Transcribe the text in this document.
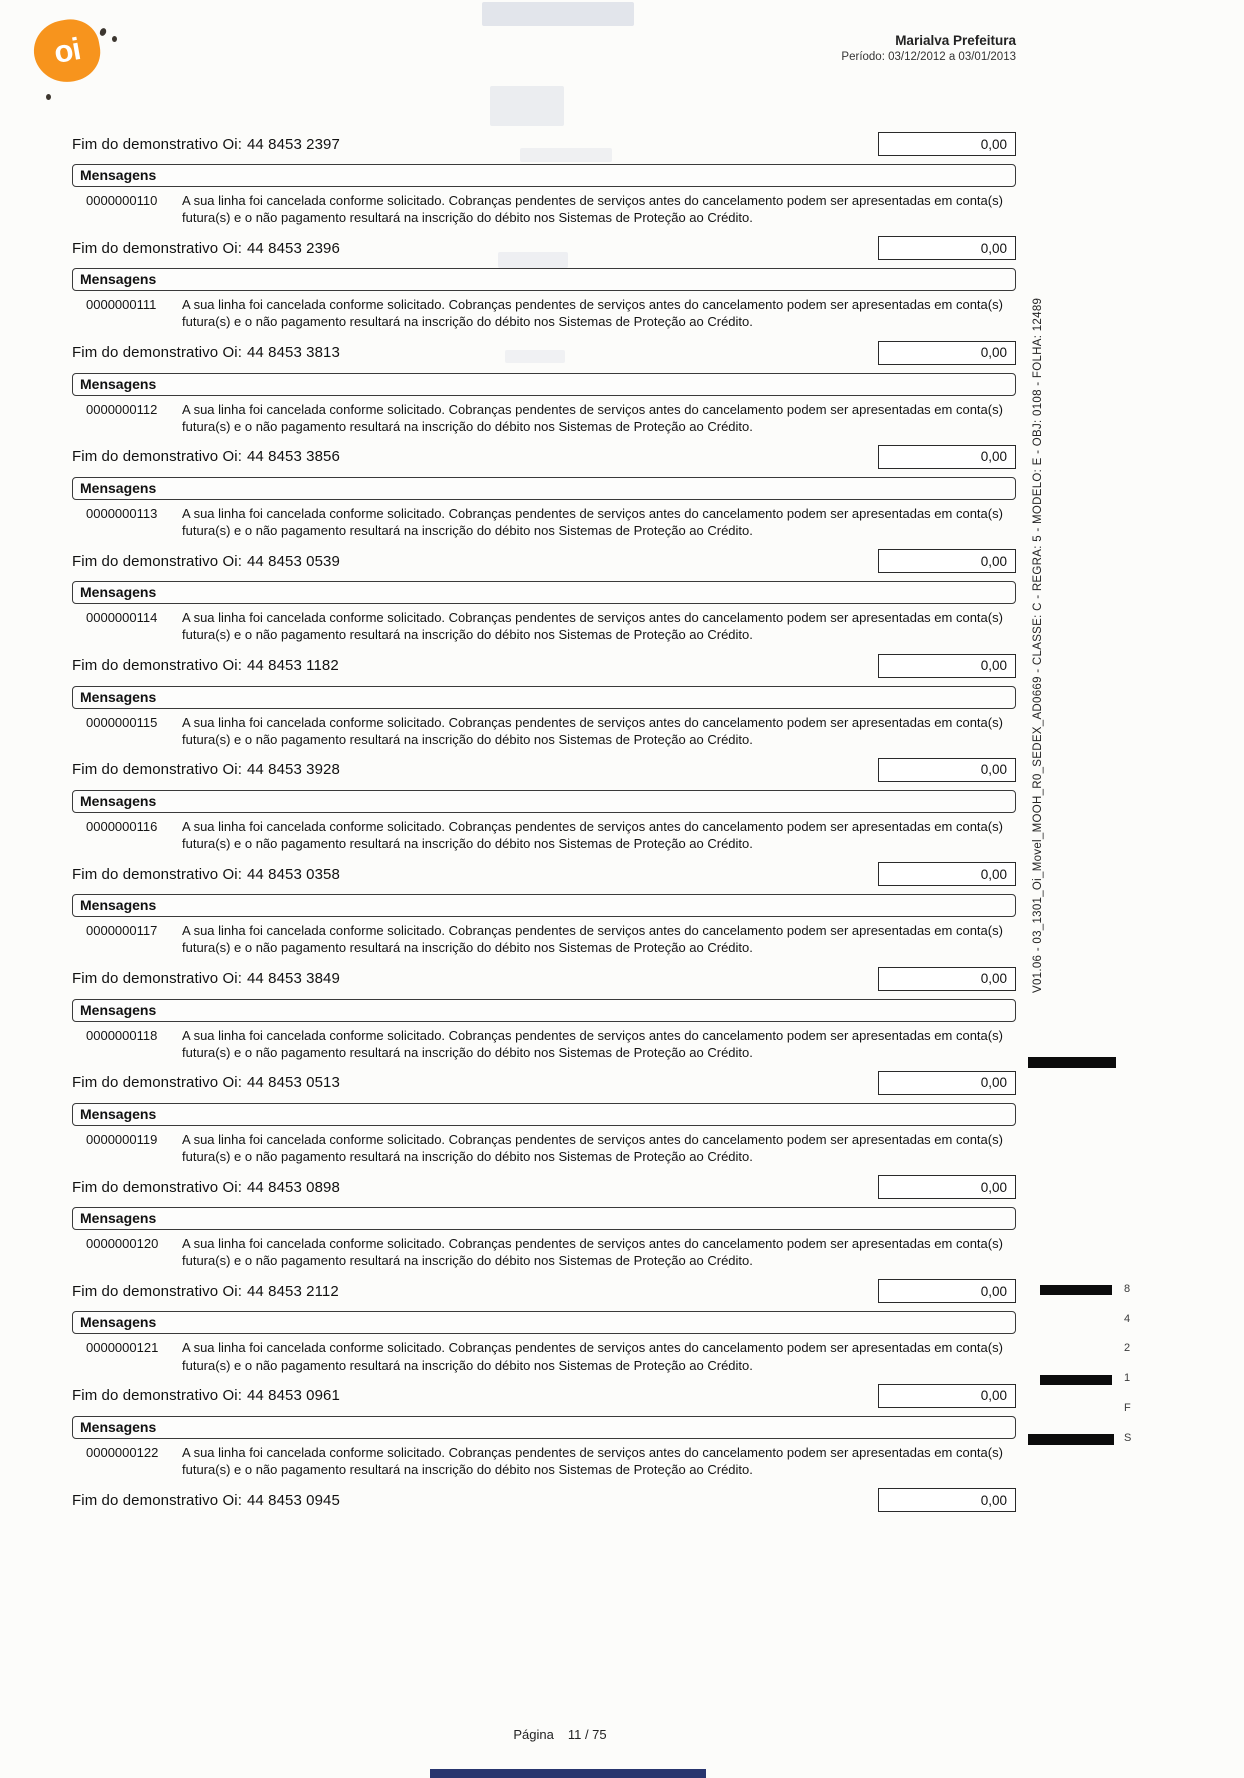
oi	Marialva Prefeitura
Período: 03/12/2012 a 03/01/2013
Fim do demonstrativo Oi: 44 8453 2397	0,00
Mensagens
0000000110	A sua linha foi cancelada conforme solicitado. Cobranças pendentes de serviços antes do cancelamento podem ser apresentadas em conta(s) futura(s) e o não pagamento resultará na inscrição do débito nos Sistemas de Proteção ao Crédito.
Fim do demonstrativo Oi: 44 8453 2396	0,00
Mensagens
0000000111	A sua linha foi cancelada conforme solicitado. Cobranças pendentes de serviços antes do cancelamento podem ser apresentadas em conta(s) futura(s) e o não pagamento resultará na inscrição do débito nos Sistemas de Proteção ao Crédito.
Fim do demonstrativo Oi: 44 8453 3813	0,00
Mensagens
0000000112	A sua linha foi cancelada conforme solicitado. Cobranças pendentes de serviços antes do cancelamento podem ser apresentadas em conta(s) futura(s) e o não pagamento resultará na inscrição do débito nos Sistemas de Proteção ao Crédito.
Fim do demonstrativo Oi: 44 8453 3856	0,00
Mensagens
0000000113	A sua linha foi cancelada conforme solicitado. Cobranças pendentes de serviços antes do cancelamento podem ser apresentadas em conta(s) futura(s) e o não pagamento resultará na inscrição do débito nos Sistemas de Proteção ao Crédito.
Fim do demonstrativo Oi: 44 8453 0539	0,00
Mensagens
0000000114	A sua linha foi cancelada conforme solicitado. Cobranças pendentes de serviços antes do cancelamento podem ser apresentadas em conta(s) futura(s) e o não pagamento resultará na inscrição do débito nos Sistemas de Proteção ao Crédito.
Fim do demonstrativo Oi: 44 8453 1182	0,00
Mensagens
0000000115	A sua linha foi cancelada conforme solicitado. Cobranças pendentes de serviços antes do cancelamento podem ser apresentadas em conta(s) futura(s) e o não pagamento resultará na inscrição do débito nos Sistemas de Proteção ao Crédito.
Fim do demonstrativo Oi: 44 8453 3928	0,00
Mensagens
0000000116	A sua linha foi cancelada conforme solicitado. Cobranças pendentes de serviços antes do cancelamento podem ser apresentadas em conta(s) futura(s) e o não pagamento resultará na inscrição do débito nos Sistemas de Proteção ao Crédito.
Fim do demonstrativo Oi: 44 8453 0358	0,00
Mensagens
0000000117	A sua linha foi cancelada conforme solicitado. Cobranças pendentes de serviços antes do cancelamento podem ser apresentadas em conta(s) futura(s) e o não pagamento resultará na inscrição do débito nos Sistemas de Proteção ao Crédito.
Fim do demonstrativo Oi: 44 8453 3849	0,00
Mensagens
0000000118	A sua linha foi cancelada conforme solicitado. Cobranças pendentes de serviços antes do cancelamento podem ser apresentadas em conta(s) futura(s) e o não pagamento resultará na inscrição do débito nos Sistemas de Proteção ao Crédito.
Fim do demonstrativo Oi: 44 8453 0513	0,00
Mensagens
0000000119	A sua linha foi cancelada conforme solicitado. Cobranças pendentes de serviços antes do cancelamento podem ser apresentadas em conta(s) futura(s) e o não pagamento resultará na inscrição do débito nos Sistemas de Proteção ao Crédito.
Fim do demonstrativo Oi: 44 8453 0898	0,00
Mensagens
0000000120	A sua linha foi cancelada conforme solicitado. Cobranças pendentes de serviços antes do cancelamento podem ser apresentadas em conta(s) futura(s) e o não pagamento resultará na inscrição do débito nos Sistemas de Proteção ao Crédito.
Fim do demonstrativo Oi: 44 8453 2112	0,00
Mensagens
0000000121	A sua linha foi cancelada conforme solicitado. Cobranças pendentes de serviços antes do cancelamento podem ser apresentadas em conta(s) futura(s) e o não pagamento resultará na inscrição do débito nos Sistemas de Proteção ao Crédito.
Fim do demonstrativo Oi: 44 8453 0961	0,00
Mensagens
0000000122	A sua linha foi cancelada conforme solicitado. Cobranças pendentes de serviços antes do cancelamento podem ser apresentadas em conta(s) futura(s) e o não pagamento resultará na inscrição do débito nos Sistemas de Proteção ao Crédito.
Fim do demonstrativo Oi: 44 8453 0945	0,00
V01.06 - 03_1301_Oi_Movel_MOOH_R0_SEDEX_AD0669 - CLASSE: C - REGRA: 5 - MODELO: E - OBJ: 0108 - FOLHA: 12489
8
4
2
1
F
S
Página 11 / 75
